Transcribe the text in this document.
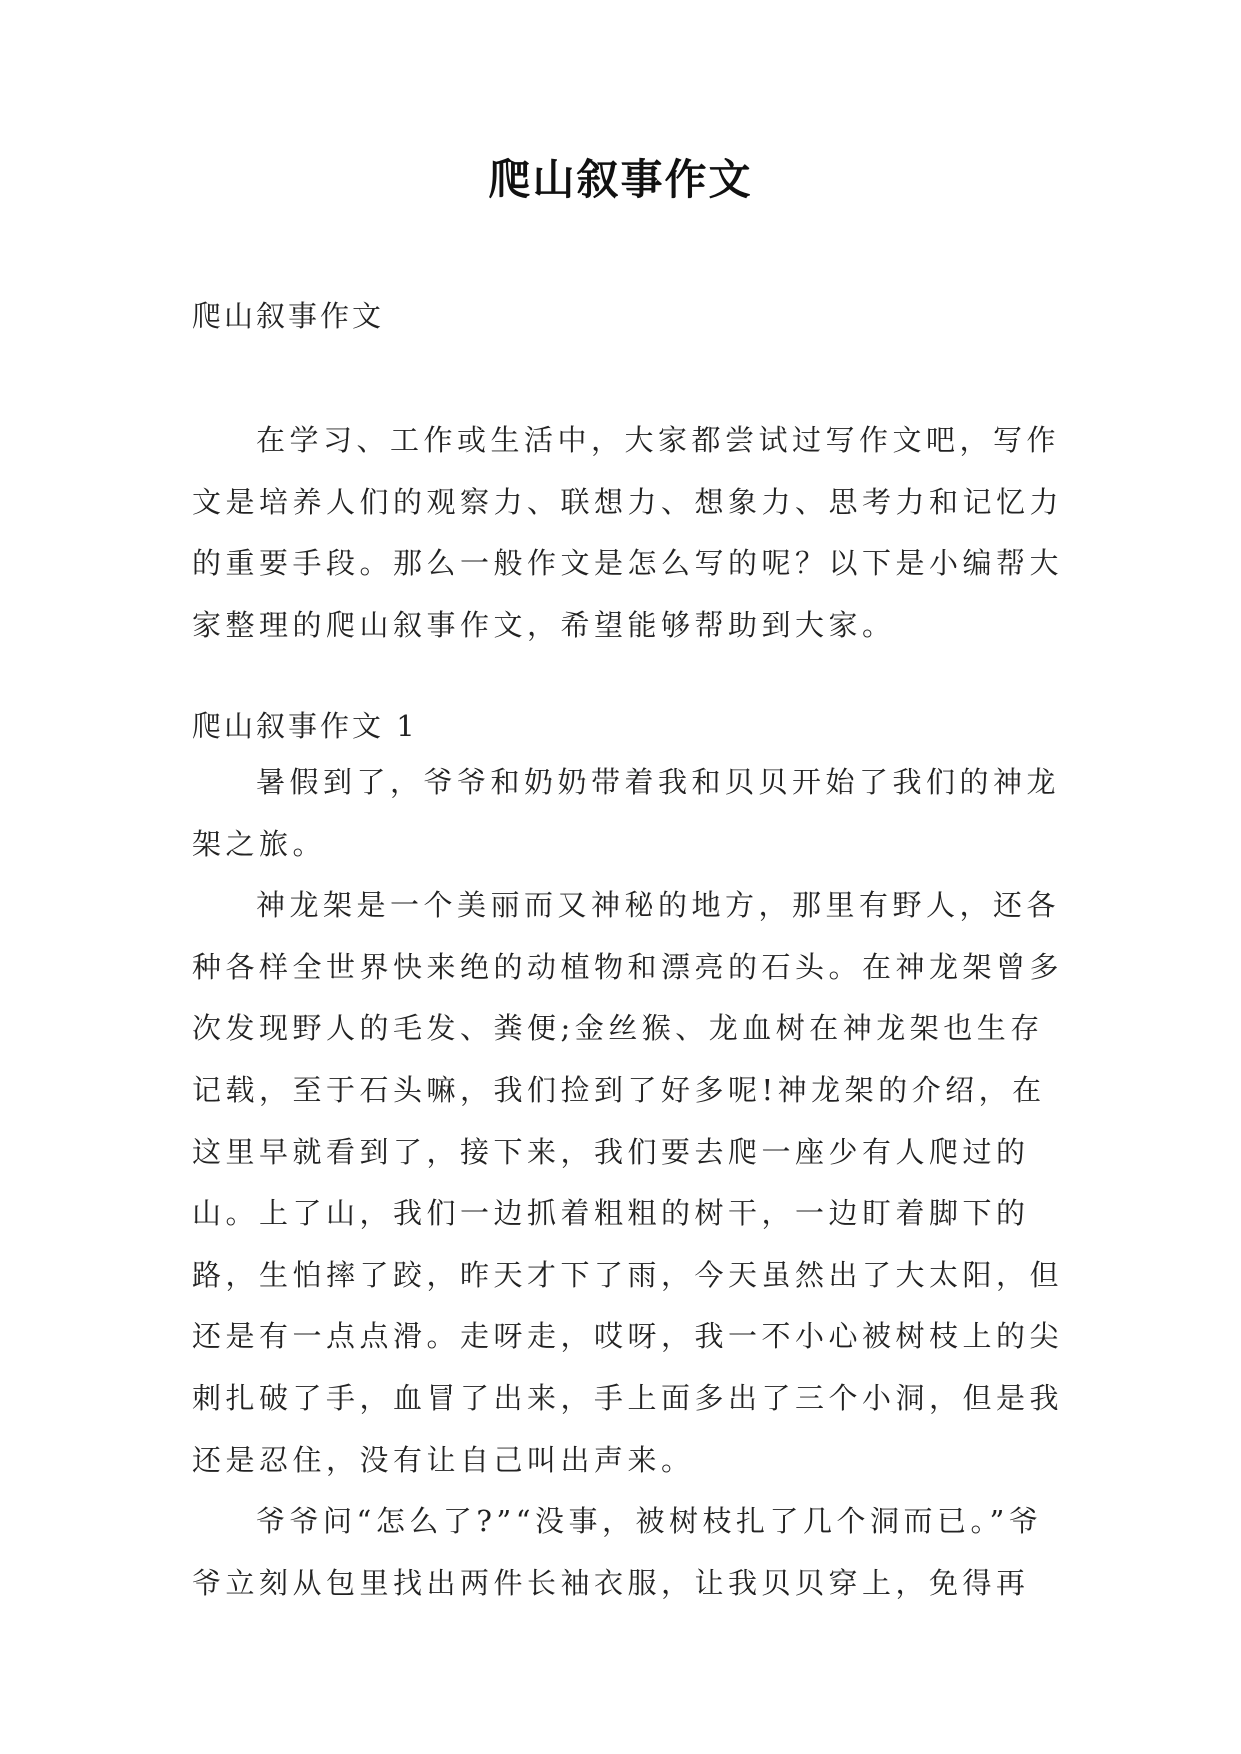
爬山叙事作文
爬山叙事作文

在学习、工作或生活中，大家都尝试过写作文吧，写作文是培养人们的观察力、联想力、想象力、思考力和记忆力的重要手段。那么一般作文是怎么写的呢？以下是小编帮大家整理的爬山叙事作文，希望能够帮助到大家。

爬山叙事作文 1

暑假到了，爷爷和奶奶带着我和贝贝开始了我们的神龙架之旅。

神龙架是一个美丽而又神秘的地方，那里有野人，还各种各样全世界快来绝的动植物和漂亮的石头。在神龙架曾多次发现野人的毛发、粪便;金丝猴、龙血树在神龙架也生存记载，至于石头嘛，我们捡到了好多呢!神龙架的介绍，在这里早就看到了，接下来，我们要去爬一座少有人爬过的山。上了山，我们一边抓着粗粗的树干，一边盯着脚下的路，生怕摔了跤，昨天才下了雨，今天虽然出了大太阳，但还是有一点点滑。走呀走，哎呀，我一不小心被树枝上的尖刺扎破了手，血冒了出来，手上面多出了三个小洞，但是我还是忍住，没有让自己叫出声来。

爷爷问“怎么了?”“没事，被树枝扎了几个洞而已。”爷爷立刻从包里找出两件长袖衣服，让我贝贝穿上，免得再
